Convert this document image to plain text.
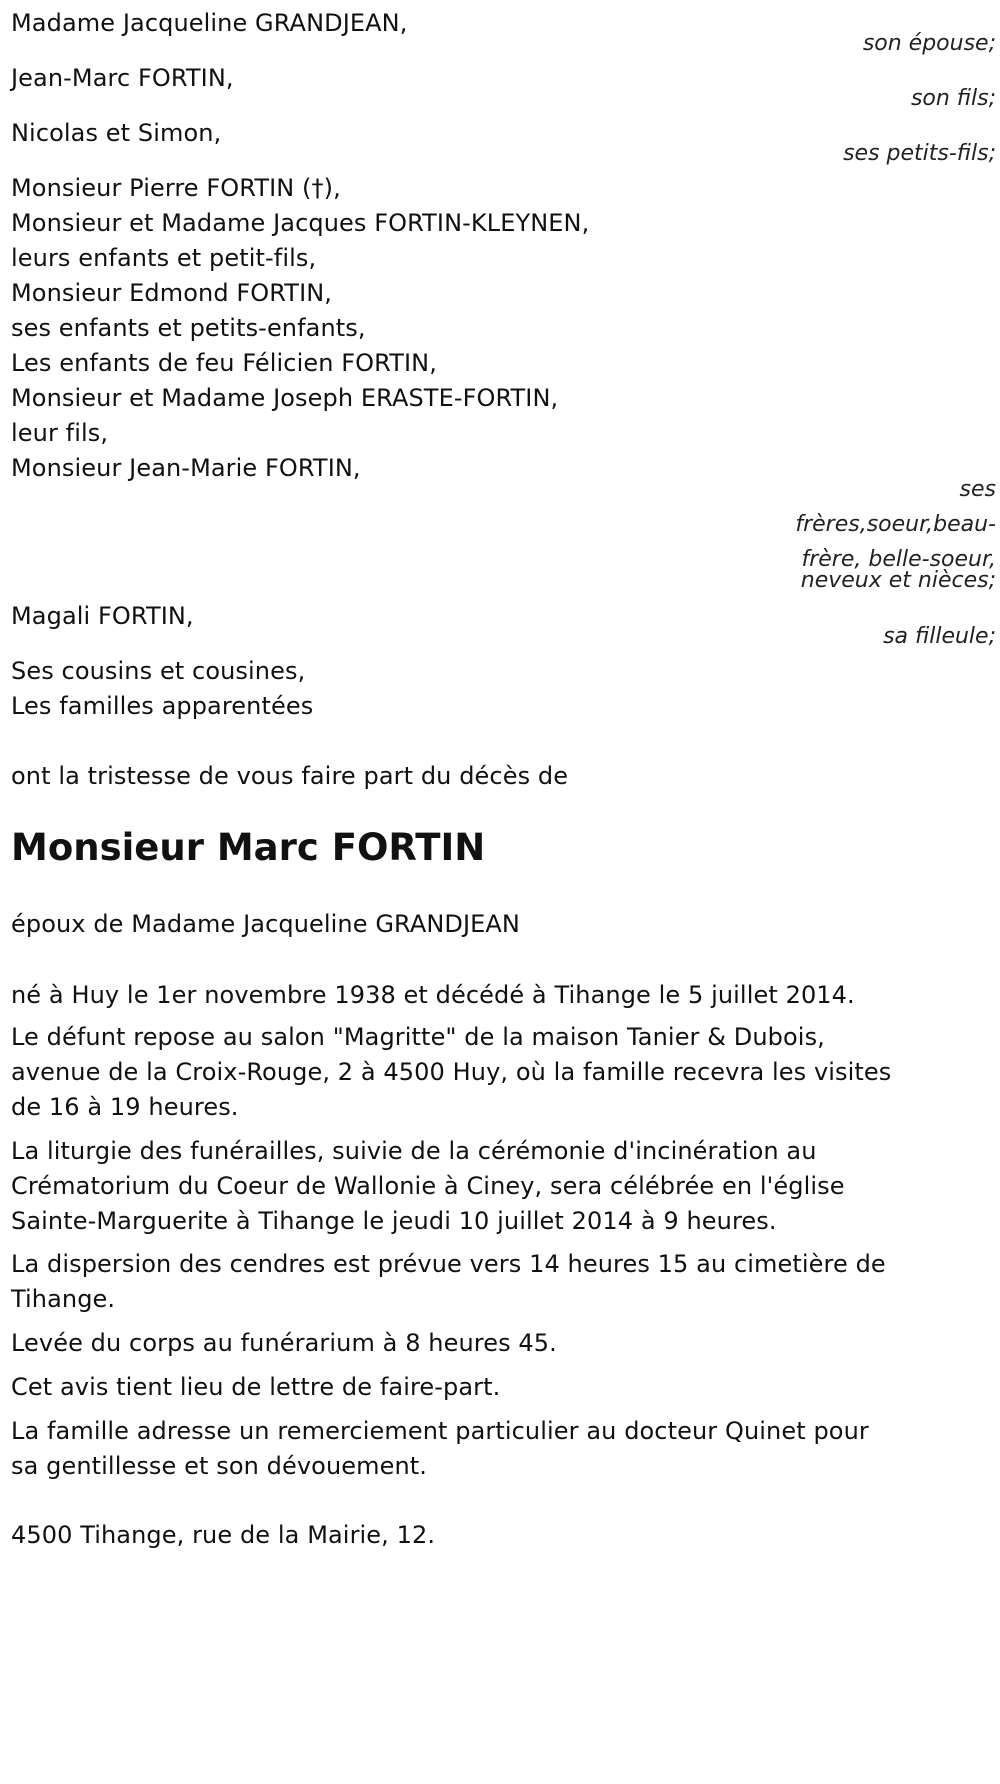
Madame Jacqueline GRANDJEAN,
son épouse;
Jean-Marc FORTIN,
son fils;
Nicolas et Simon,
ses petits-fils;
Monsieur Pierre FORTIN (†),
Monsieur et Madame Jacques FORTIN-KLEYNEN,
leurs enfants et petit-fils,
Monsieur Edmond FORTIN,
ses enfants et petits-enfants,
Les enfants de feu Félicien FORTIN,
Monsieur et Madame Joseph ERASTE-FORTIN,
leur fils,
Monsieur Jean-Marie FORTIN,
ses
frères,soeur,beau-
frère, belle-soeur,
neveux et nièces;
Magali FORTIN,
sa filleule;
Ses cousins et cousines,
Les familles apparentées
ont la tristesse de vous faire part du décès de
Monsieur Marc FORTIN
époux de Madame Jacqueline GRANDJEAN
né à Huy le 1er novembre 1938 et décédé à Tihange le 5 juillet 2014.
Le défunt repose au salon "Magritte" de la maison Tanier & Dubois,
avenue de la Croix-Rouge, 2 à 4500 Huy, où la famille recevra les visites
de 16 à 19 heures.
La liturgie des funérailles, suivie de la cérémonie d'incinération au
Crématorium du Coeur de Wallonie à Ciney, sera célébrée en l'église
Sainte-Marguerite à Tihange le jeudi 10 juillet 2014 à 9 heures.
La dispersion des cendres est prévue vers 14 heures 15 au cimetière de
Tihange.
Levée du corps au funérarium à 8 heures 45.
Cet avis tient lieu de lettre de faire-part.
La famille adresse un remerciement particulier au docteur Quinet pour
sa gentillesse et son dévouement.
4500 Tihange, rue de la Mairie, 12.
